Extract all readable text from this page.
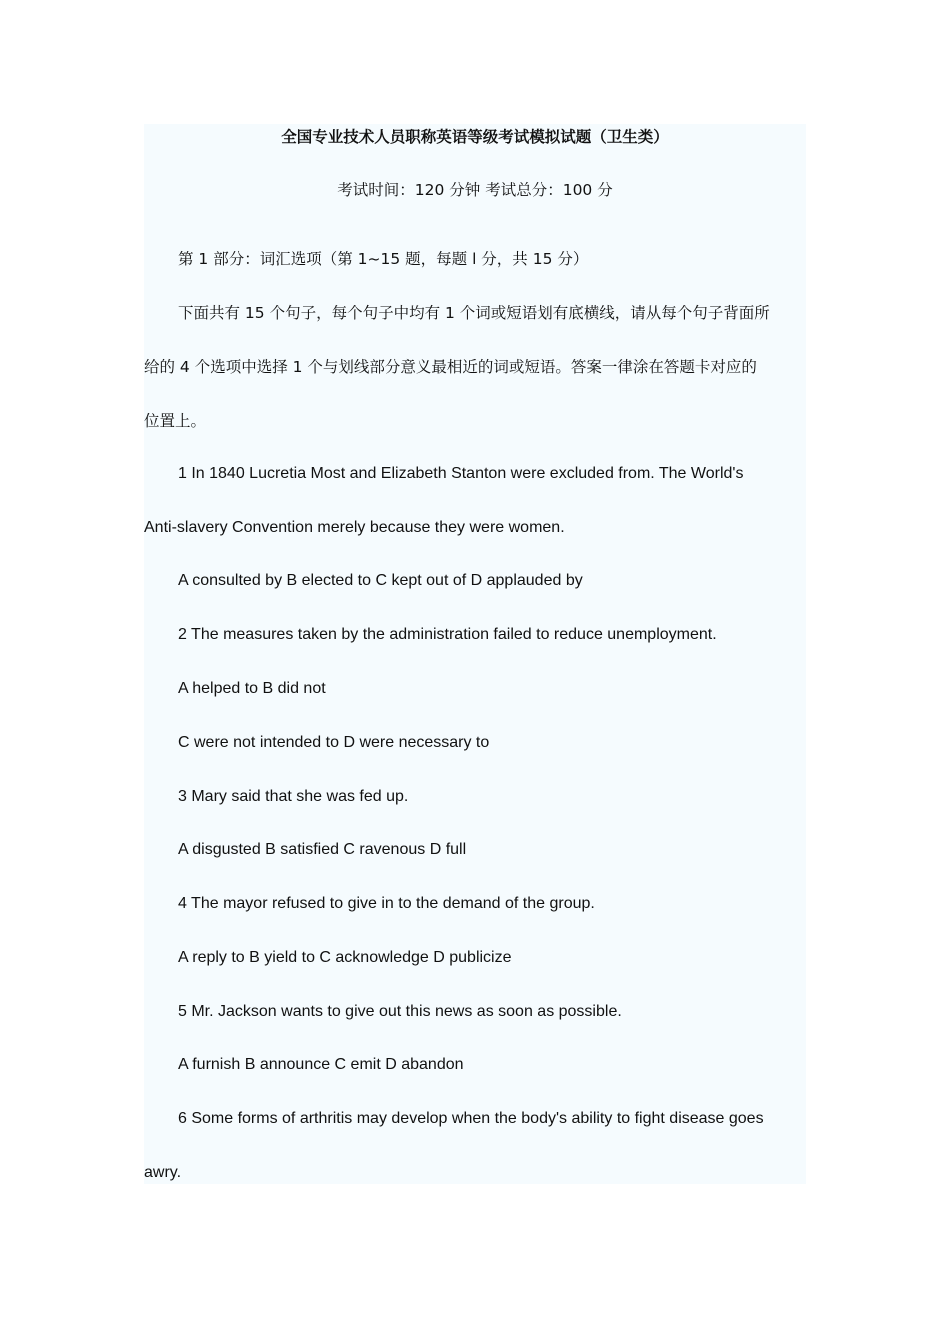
全国专业技术人员职称英语等级考试模拟试题（卫生类）
考试时间：120 分钟 考试总分：100 分
第 1 部分：词汇选项（第 1~15 题，每题 l 分，共 15 分）
下面共有 15 个句子，每个句子中均有 1 个词或短语划有底横线，请从每个句子背面所
给的 4 个选项中选择 1 个与划线部分意义最相近的词或短语。答案一律涂在答题卡对应的
位置上。
1 In 1840 Lucretia Most and Elizabeth Stanton were excluded from. The World's
Anti-slavery Convention merely because they were women.
A consulted by B elected to C kept out of D applauded by
2 The measures taken by the administration failed to reduce unemployment.
A helped to B did not
C were not intended to D were necessary to
3 Mary said that she was fed up.
A disgusted B satisfied C ravenous D full
4 The mayor refused to give in to the demand of the group.
A reply to B yield to C acknowledge D publicize
5 Mr. Jackson wants to give out this news as soon as possible.
A furnish B announce C emit D abandon
6 Some forms of arthritis may develop when the body's ability to fight disease goes
awry.
